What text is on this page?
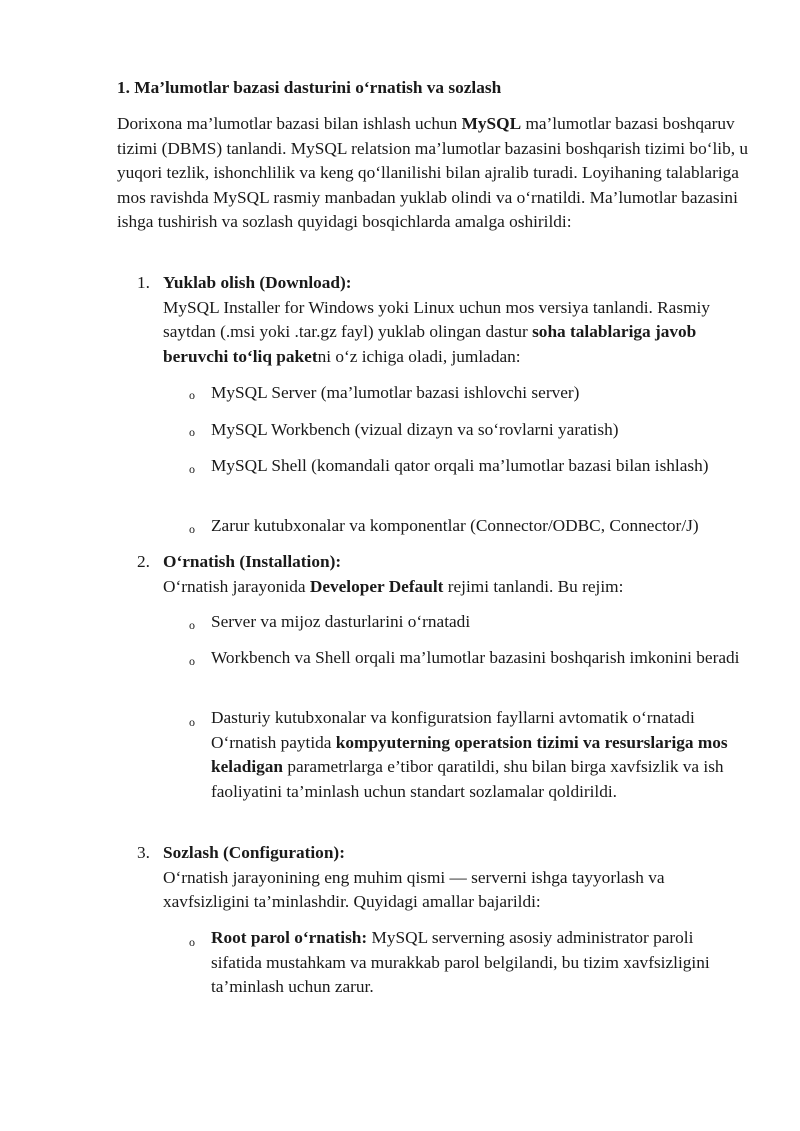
1. Ma’lumotlar bazasi dasturini o‘rnatish va sozlash

Dorixona ma’lumotlar bazasi bilan ishlash uchun MySQL ma’lumotlar bazasi boshqaruv tizimi (DBMS) tanlandi. MySQL relatsion ma’lumotlar bazasini boshqarish tizimi bo‘lib, u yuqori tezlik, ishonchlilik va keng qo‘llanilishi bilan ajralib turadi. Loyihaning talablariga mos ravishda MySQL rasmiy manbadan yuklab olindi va o‘rnatildi. Ma’lumotlar bazasini ishga tushirish va sozlash quyidagi bosqichlarda amalga oshirildi:

1. Yuklab olish (Download):
MySQL Installer for Windows yoki Linux uchun mos versiya tanlandi. Rasmiy saytdan (.msi yoki .tar.gz fayl) yuklab olingan dastur soha talablariga javob beruvchi to‘liq paketni o‘z ichiga oladi, jumladan:
o MySQL Server (ma’lumotlar bazasi ishlovchi server)
o MySQL Workbench (vizual dizayn va so‘rovlarni yaratish)
o MySQL Shell (komandali qator orqali ma’lumotlar bazasi bilan ishlash)
o Zarur kutubxonalar va komponentlar (Connector/ODBC, Connector/J)
2. O‘rnatish (Installation):
O‘rnatish jarayonida Developer Default rejimi tanlandi. Bu rejim:
o Server va mijoz dasturlarini o‘rnatadi
o Workbench va Shell orqali ma’lumotlar bazasini boshqarish imkonini beradi
o Dasturiy kutubxonalar va konfiguratsion fayllarni avtomatik o‘rnatadi O‘rnatish paytida kompyuterning operatsion tizimi va resurslariga mos keladigan parametrlarga e’tibor qaratildi, shu bilan birga xavfsizlik va ish faoliyatini ta’minlash uchun standart sozlamalar qoldirildi.
3. Sozlash (Configuration):
O‘rnatish jarayonining eng muhim qismi — serverni ishga tayyorlash va xavfsizligini ta’minlashdir. Quyidagi amallar bajarildi:
o Root parol o‘rnatish: MySQL serverning asosiy administrator paroli sifatida mustahkam va murakkab parol belgilandi, bu tizim xavfsizligini ta’minlash uchun zarur.
